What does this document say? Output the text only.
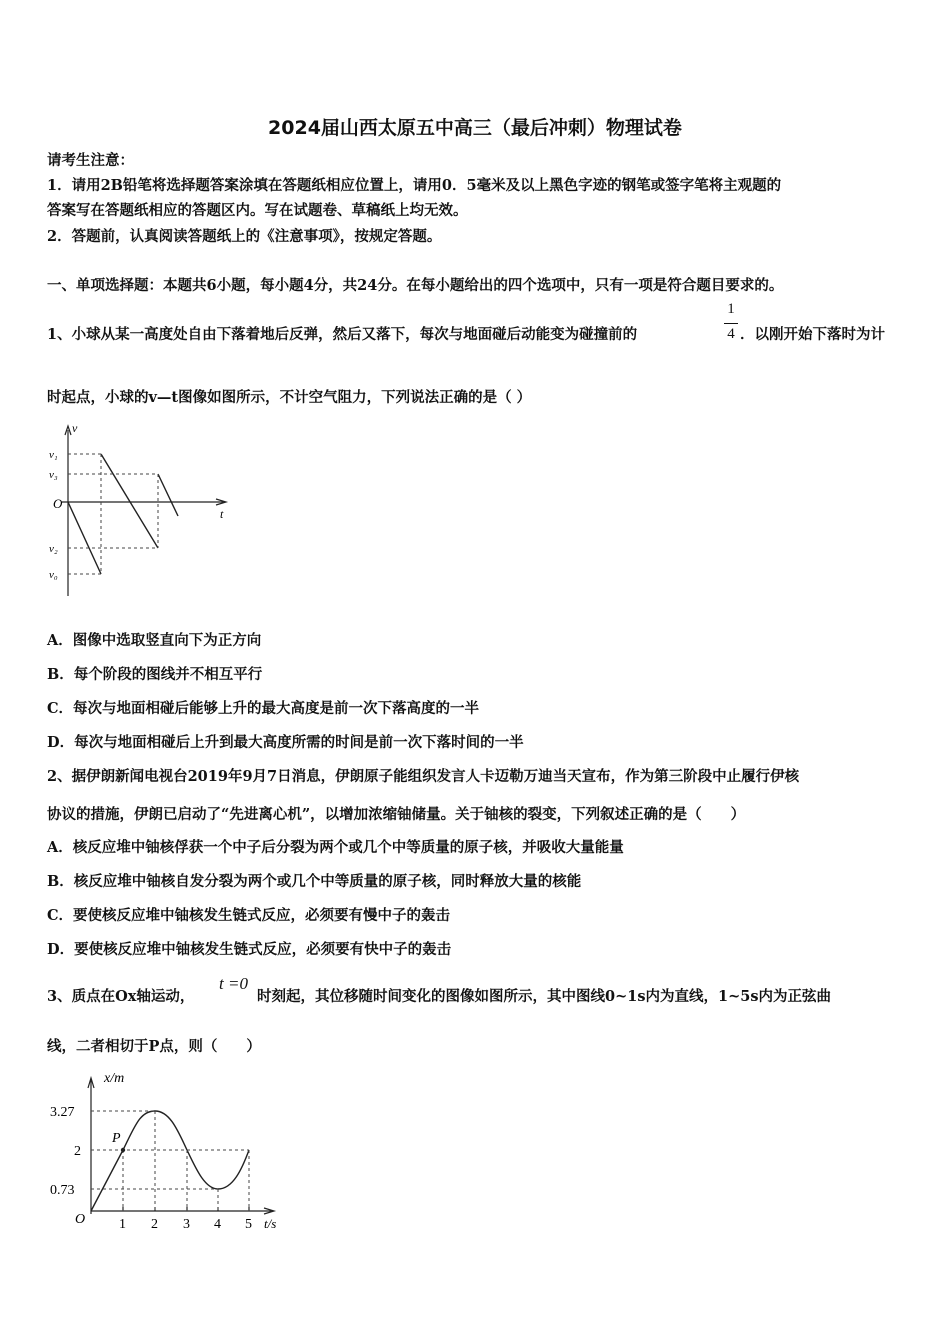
2024届山西太原五中高三（最后冲刺）物理试卷
请考生注意：
1．请用2B铅笔将选择题答案涂填在答题纸相应位置上，请用0．5毫米及以上黑色字迹的钢笔或签字笔将主观题的
答案写在答题纸相应的答题区内。写在试题卷、草稿纸上均无效。
2．答题前，认真阅读答题纸上的《注意事项》，按规定答题。
一、单项选择题：本题共6小题，每小题4分，共24分。在每小题给出的四个选项中，只有一项是符合题目要求的。
1、小球从某一高度处自由下落着地后反弹，然后又落下，每次与地面碰后动能变为碰撞前的
1
4 ．以刚开始下落时为计
时起点，小球的v—t图像如图所示，不计空气阻力，下列说法正确的是（ ）
v
t
O
v₁
v₃
v₂
v₀
A．图像中选取竖直向下为正方向
B．每个阶段的图线并不相互平行
C．每次与地面相碰后能够上升的最大高度是前一次下落高度的一半
D．每次与地面相碰后上升到最大高度所需的时间是前一次下落时间的一半
2、据伊朗新闻电视台2019年9月7日消息，伊朗原子能组织发言人卡迈勒万迪当天宣布，作为第三阶段中止履行伊核
协议的措施，伊朗已启动了“先进离心机”，以增加浓缩铀储量。关于铀核的裂变，下列叙述正确的是（　　）
A．核反应堆中铀核俘获一个中子后分裂为两个或几个中等质量的原子核，并吸收大量能量
B．核反应堆中铀核自发分裂为两个或几个中等质量的原子核，同时释放大量的核能
C．要使核反应堆中铀核发生链式反应，必须要有慢中子的轰击
D．要使核反应堆中铀核发生链式反应，必须要有快中子的轰击
3、质点在Ox轴运动，
t =0
时刻起，其位移随时间变化的图像如图所示，其中图线0~1s内为直线，1~5s内为正弦曲
线，二者相切于P点，则（　　）
x/m
t/s
O
P
3.27
2
0.73
1 2 3 4 5
